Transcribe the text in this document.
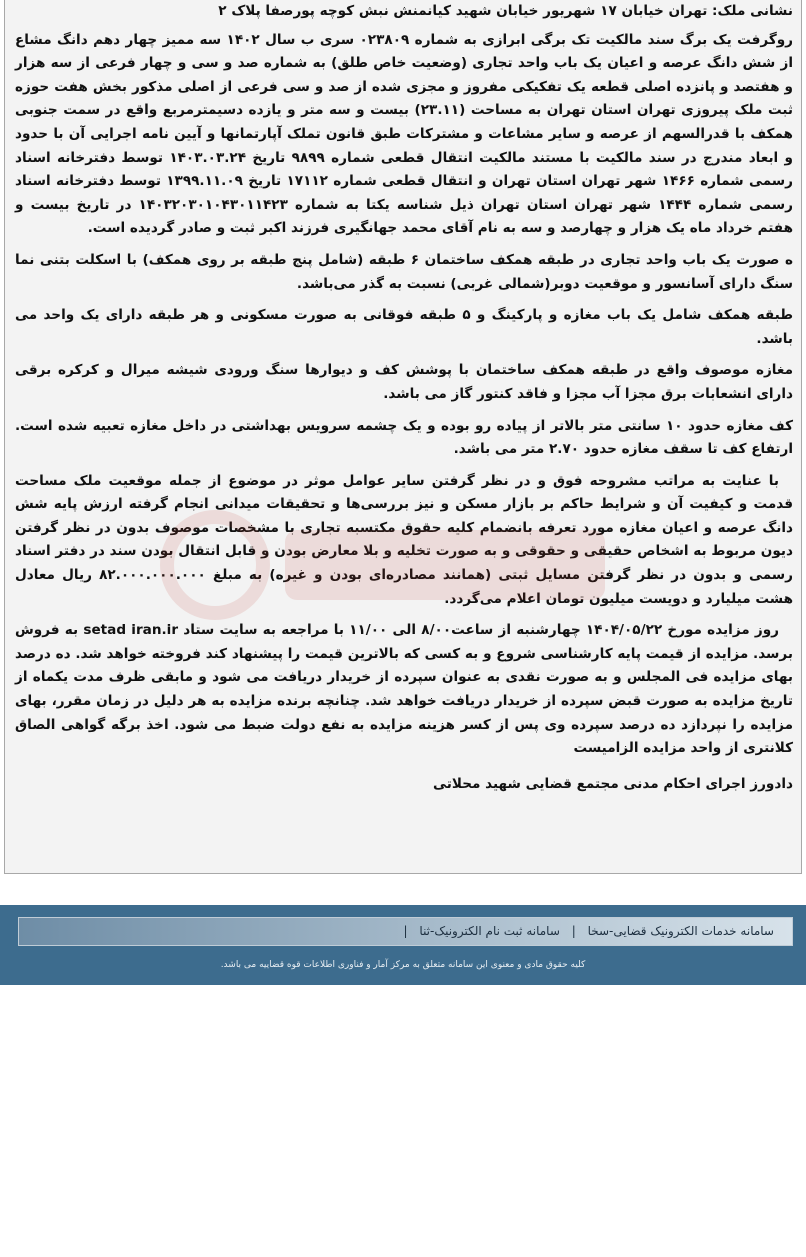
نشانی ملک: تهران خیابان ۱۷ شهریور خیابان شهید کیانمنش نبش کوچه پورصفا پلاک ۲

روگرفت یک برگ سند مالکیت تک برگی ابرازی به شماره ۰۲۳۸۰۹ سری ب سال ۱۴۰۲ سه ممیز چهار دهم دانگ مشاع از شش دانگ عرصه و اعیان یک باب واحد تجاری (وضعیت خاص طلق) به شماره صد و سی و چهار فرعی از سه هزار و هفتصد و پانزده اصلی قطعه یک تفکیکی مفروز و مجزی شده از صد و سی فرعی از اصلی مذکور بخش هفت حوزه ثبت ملک پیروزی تهران استان تهران به مساحت (۲۳.۱۱) بیست و سه متر و یازده دسیمترمربع واقع در سمت جنوبی همکف با قدرالسهم از عرصه و سایر مشاعات و مشترکات طبق قانون تملک آپارتمانها و آیین نامه اجرایی آن با حدود و ابعاد مندرج در سند مالکیت با مستند مالکیت انتقال قطعی شماره ۹۸۹۹ تاریخ ۱۴۰۳.۰۳.۲۴ توسط دفترخانه اسناد رسمی شماره ۱۴۶۶ شهر تهران استان تهران و انتقال قطعی شماره ۱۷۱۱۲ تاریخ ۱۳۹۹.۱۱.۰۹ توسط دفترخانه اسناد رسمی شماره ۱۴۴۴ شهر تهران استان تهران ذیل شناسه یکتا به شماره ۱۴۰۳۲۰۳۰۱۰۴۳۰۱۱۴۲۳ در تاریخ بیست و هفتم خرداد ماه یک هزار و چهارصد و سه به نام آقای محمد جهانگیری فرزند اکبر ثبت و صادر گردیده است.

ه صورت یک باب واحد تجاری در طبقه همکف ساختمان ۶ طبقه (شامل پنج طبقه بر روی همکف) با اسکلت بتنی نما سنگ دارای آسانسور و موقعیت دوبر(شمالی غربی) نسبت به گذر می‌باشد.

طبقه همکف شامل یک باب مغازه و پارکینگ و ۵ طبقه فوقانی به صورت مسکونی و هر طبقه دارای یک واحد می باشد.

مغازه موصوف واقع در طبقه همکف ساختمان با پوشش کف و دیوارها سنگ ورودی شیشه میرال و کرکره برقی دارای انشعابات برق مجزا آب مجزا و فاقد کنتور گاز می باشد.

کف مغازه حدود ۱۰ سانتی متر بالاتر از پیاده رو بوده و یک چشمه سرویس بهداشتی در داخل مغازه تعبیه شده است. ارتفاع کف تا سقف مغازه حدود ۲.۷۰ متر می باشد.

با عنایت به مراتب مشروحه فوق و در نظر گرفتن سایر عوامل موثر در موضوع از جمله موقعیت ملک مساحت قدمت و کیفیت آن و شرایط حاکم بر بازار مسکن و نیز بررسی‌ها و تحقیقات میدانی انجام گرفته ارزش پایه شش دانگ عرصه و اعیان مغازه مورد تعرفه بانضمام کلیه حقوق مکتسبه تجاری با مشخصات موصوف بدون در نظر گرفتن دیون مربوط به اشخاص حقیقی و حقوقی و به صورت تخلیه و بلا معارض بودن و قابل انتقال بودن سند در دفتر اسناد رسمی و بدون در نظر گرفتن مسایل ثبتی (همانند مصادره‌ای بودن و غیره) به مبلغ ۸۲.۰۰۰.۰۰۰.۰۰۰ ریال معادل هشت میلیارد و دویست میلیون تومان اعلام می‌گردد.

روز مزایده مورخ ۱۴۰۴/۰۵/۲۲ چهارشنبه از ساعت۸/۰۰ الی ۱۱/۰۰ با مراجعه به سایت ستاد setad iran.ir به فروش برسد. مزایده از قیمت پایه کارشناسی شروع و به کسی که بالاترین قیمت را پیشنهاد کند فروخته خواهد شد. ده درصد بهای مزایده فی المجلس و به صورت نقدی به عنوان سپرده از خریدار دریافت می شود و مابقی ظرف مدت یکماه از تاریخ مزایده به صورت قبض سپرده از خریدار دریافت خواهد شد. چنانچه برنده مزایده به هر دلیل در زمان مقرر، بهای مزایده را نپردازد ده درصد سپرده وی پس از کسر هزینه مزایده به نفع دولت ضبط می شود. اخذ برگه گواهی الصاق کلانتری از واحد مزایده الزامیست

دادورز اجرای احکام مدنی مجتمع قضایی شهید محلاتی

سامانه خدمات الکترونیک قضایی-سخا | سامانه ثبت نام الکترونیک-ثنا |
کلیه حقوق مادی و معنوی این سامانه متعلق به مرکز آمار و فناوری اطلاعات قوه قضاییه می باشد.
